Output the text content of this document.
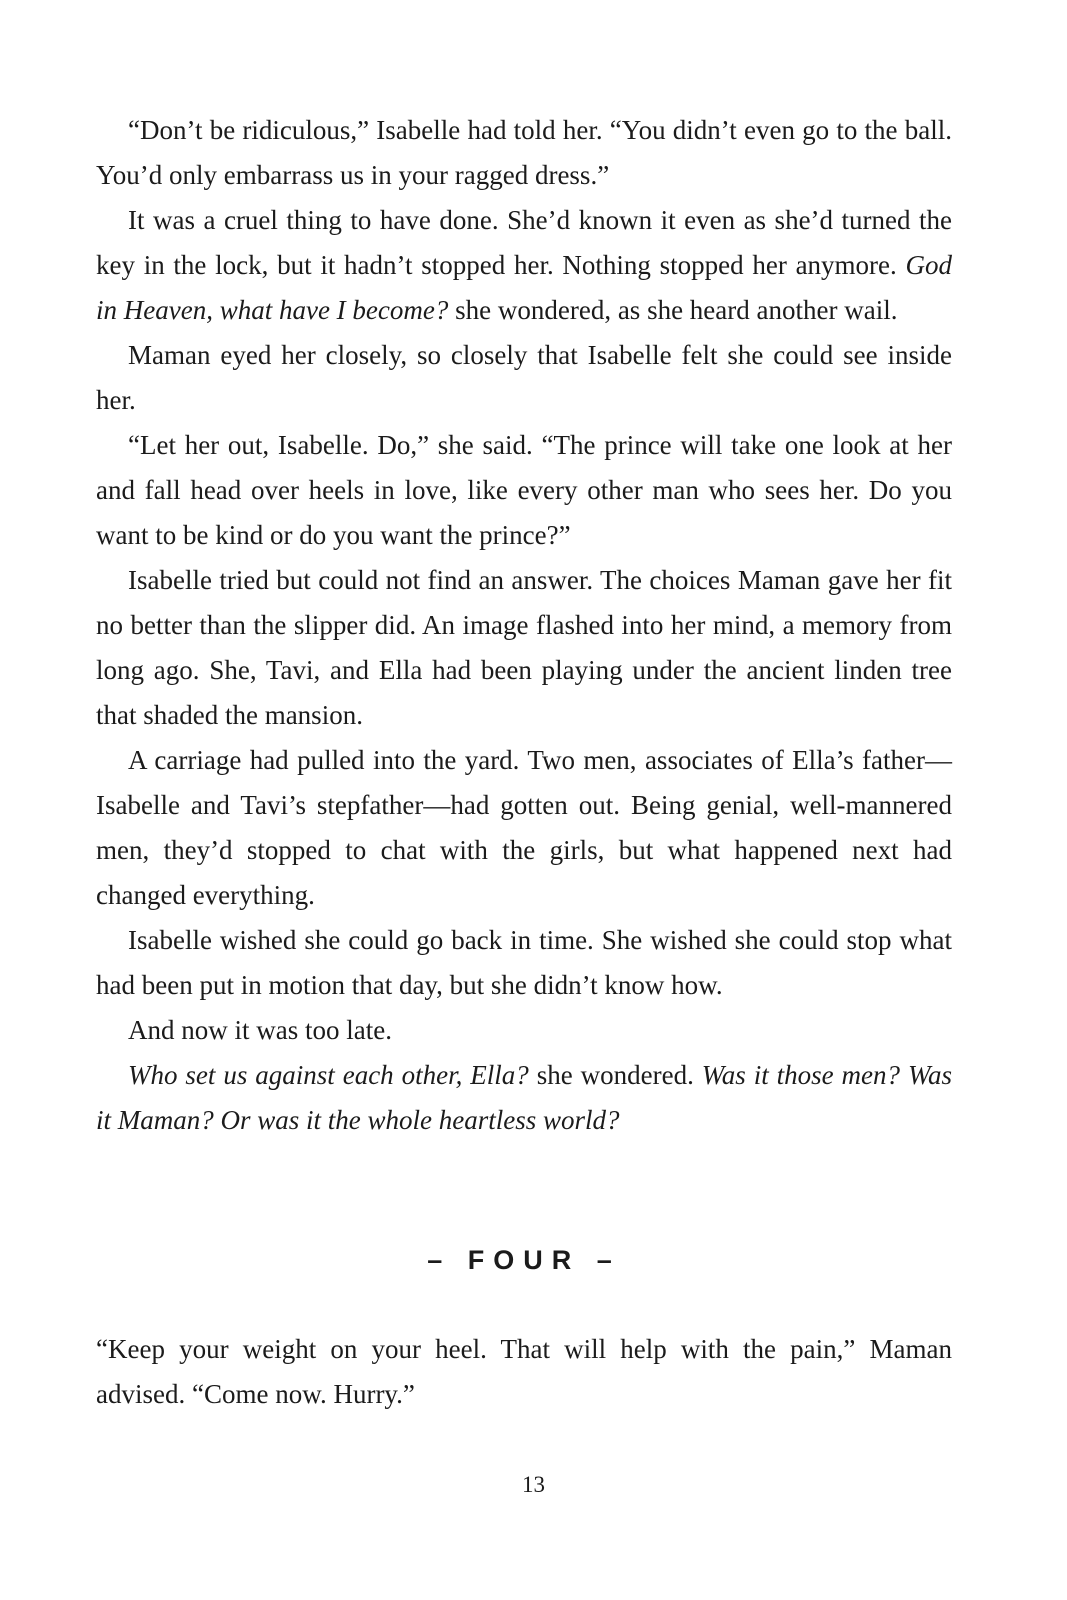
“Don’t be ridiculous,” Isabelle had told her. “You didn’t even go to the ball. You’d only embarrass us in your ragged dress.”

It was a cruel thing to have done. She’d known it even as she’d turned the key in the lock, but it hadn’t stopped her. Nothing stopped her anymore. God in Heaven, what have I become? she wondered, as she heard another wail.

Maman eyed her closely, so closely that Isabelle felt she could see inside her.

“Let her out, Isabelle. Do,” she said. “The prince will take one look at her and fall head over heels in love, like every other man who sees her. Do you want to be kind or do you want the prince?”

Isabelle tried but could not find an answer. The choices Maman gave her fit no better than the slipper did. An image flashed into her mind, a memory from long ago. She, Tavi, and Ella had been playing under the ancient linden tree that shaded the mansion.

A carriage had pulled into the yard. Two men, associates of Ella’s father—Isabelle and Tavi’s stepfather—had gotten out. Being genial, well-mannered men, they’d stopped to chat with the girls, but what happened next had changed everything.

Isabelle wished she could go back in time. She wished she could stop what had been put in motion that day, but she didn’t know how.

And now it was too late.

Who set us against each other, Ella? she wondered. Was it those men? Was it Maman? Or was it the whole heartless world?

– FOUR –

“Keep your weight on your heel. That will help with the pain,” Maman advised. “Come now. Hurry.”

13
